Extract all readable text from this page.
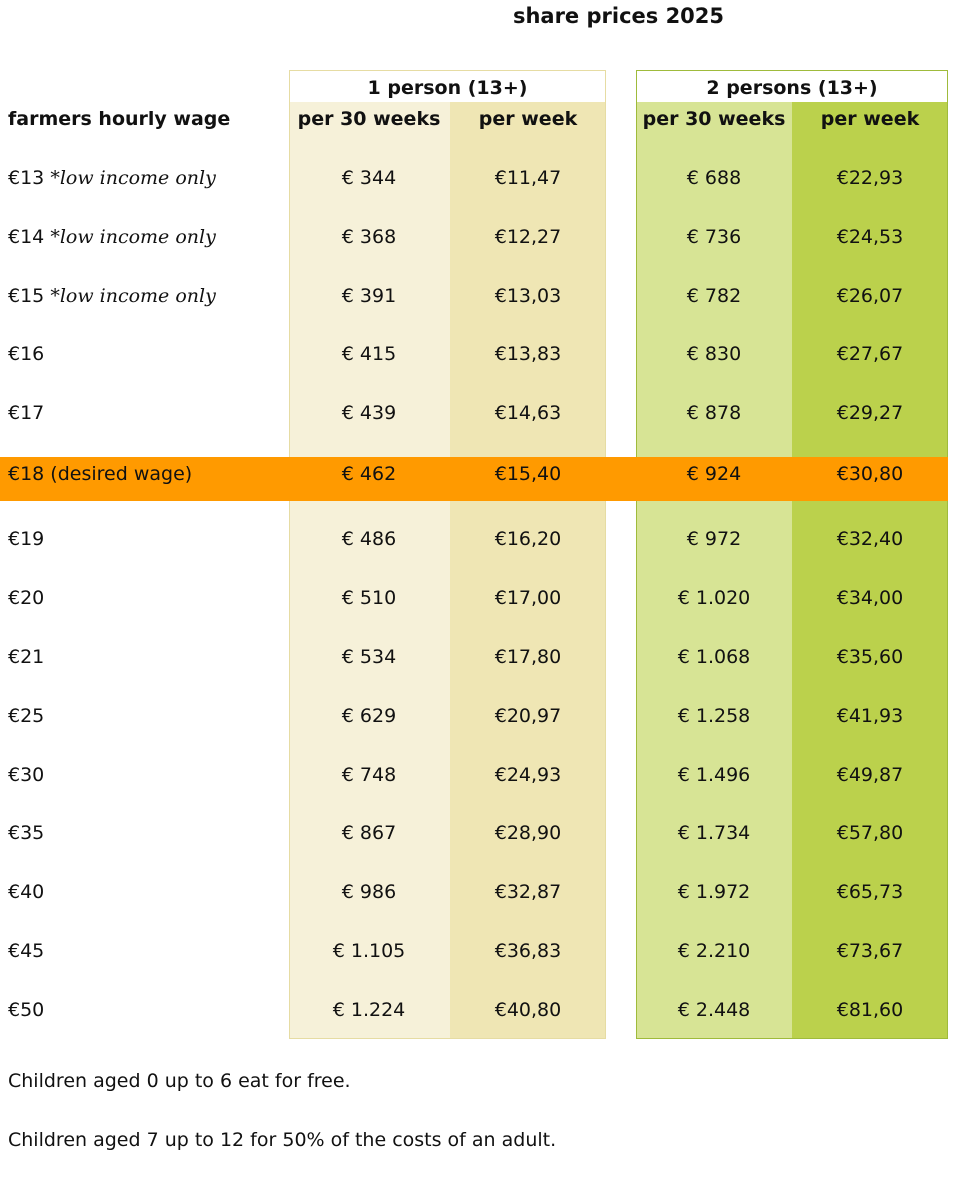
share prices 2025
1 person (13+)	2 persons (13+)
farmers hourly wage	per 30 weeks	per week	per 30 weeks	per week
€13 *low income only	€ 344	€11,47	€ 688	€22,93
€14 *low income only	€ 368	€12,27	€ 736	€24,53
€15 *low income only	€ 391	€13,03	€ 782	€26,07
€16	€ 415	€13,83	€ 830	€27,67
€17	€ 439	€14,63	€ 878	€29,27
€18 (desired wage)	€ 462	€15,40	€ 924	€30,80
€19	€ 486	€16,20	€ 972	€32,40
€20	€ 510	€17,00	€ 1.020	€34,00
€21	€ 534	€17,80	€ 1.068	€35,60
€25	€ 629	€20,97	€ 1.258	€41,93
€30	€ 748	€24,93	€ 1.496	€49,87
€35	€ 867	€28,90	€ 1.734	€57,80
€40	€ 986	€32,87	€ 1.972	€65,73
€45	€ 1.105	€36,83	€ 2.210	€73,67
€50	€ 1.224	€40,80	€ 2.448	€81,60
Children aged 0 up to 6 eat for free.
Children aged 7 up to 12 for 50% of the costs of an adult.
